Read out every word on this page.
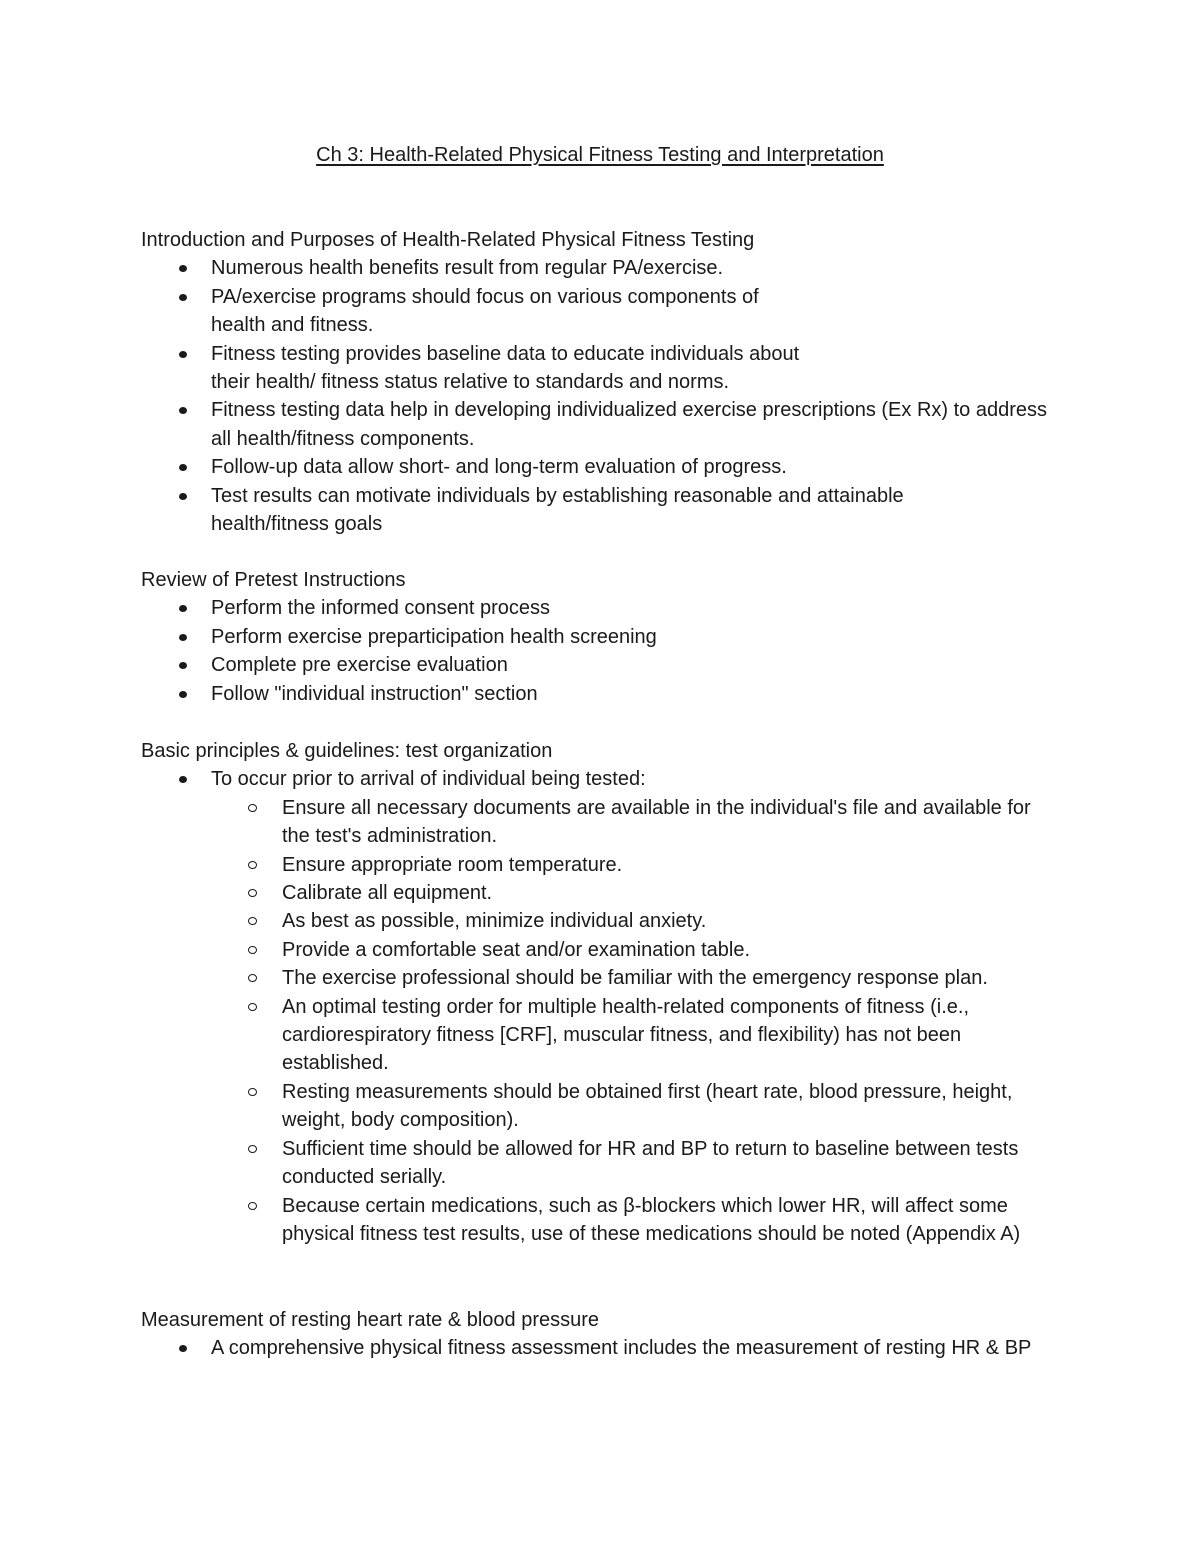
Ch 3: Health-Related Physical Fitness Testing and Interpretation

Introduction and Purposes of Health-Related Physical Fitness Testing

Numerous health benefits result from regular PA/exercise.
PA/exercise programs should focus on various components of health and fitness.
Fitness testing provides baseline data to educate individuals about their health/ fitness status relative to standards and norms.
Fitness testing data help in developing individualized exercise prescriptions (Ex Rx) to address all health/fitness components.
Follow-up data allow short- and long-term evaluation of progress.
Test results can motivate individuals by establishing reasonable and attainable health/fitness goals

Review of Pretest Instructions

Perform the informed consent process
Perform exercise preparticipation health screening
Complete pre exercise evaluation
Follow "individual instruction" section

Basic principles & guidelines: test organization

To occur prior to arrival of individual being tested:
Ensure all necessary documents are available in the individual's file and available for the test's administration.
Ensure appropriate room temperature.
Calibrate all equipment.
As best as possible, minimize individual anxiety.
Provide a comfortable seat and/or examination table.
The exercise professional should be familiar with the emergency response plan.
An optimal testing order for multiple health-related components of fitness (i.e., cardiorespiratory fitness [CRF], muscular fitness, and flexibility) has not been established.
Resting measurements should be obtained first (heart rate, blood pressure, height, weight, body composition).
Sufficient time should be allowed for HR and BP to return to baseline between tests conducted serially.
Because certain medications, such as β-blockers which lower HR, will affect some physical fitness test results, use of these medications should be noted (Appendix A)

Measurement of resting heart rate & blood pressure

A comprehensive physical fitness assessment includes the measurement of resting HR & BP
